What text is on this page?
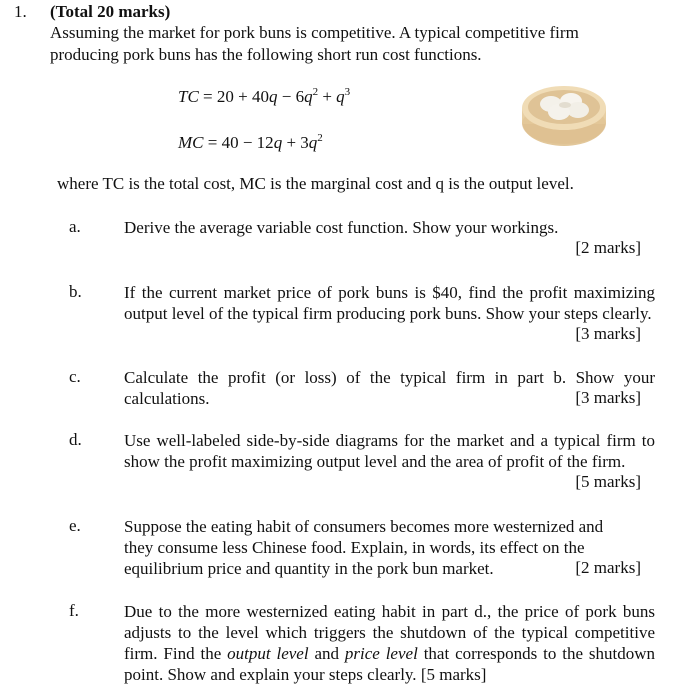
1. (Total 20 marks)
Assuming the market for pork buns is competitive. A typical competitive firm producing pork buns has the following short run cost functions.
TC = $20 + 40q - 6q^2 + q^3$
MC = $40 - 12q + 3q^2$
where TC is the total cost, MC is the marginal cost and q is the output level.
a.	Derive the average variable cost function. Show your workings.
[2 marks]
b. If the current market price of pork buns is $40, find the profit maximizing output level of the typical firm producing pork buns. Show your steps clearly.
[3 marks]
c.	Calculate the profit (or loss) of the typical firm in part b. Show your calculations.	[3 marks]
d. Use well-labeled side-by-side diagrams for the market and a typical firm to show the profit maximizing output level and the area of profit of the firm.
[5 marks]
e.	Suppose the eating habit of consumers becomes more westernized and they consume less Chinese food. Explain, in words, its effect on the equilibrium price and quantity in the pork bun market.	[2 marks]
f.	Due to the more westernized eating habit in part d., the price of pork buns adjusts to the level which triggers the shutdown of the typical competitive firm. Find the output level and price level that corresponds to the shutdown point. Show and explain your steps clearly. [5 marks]
